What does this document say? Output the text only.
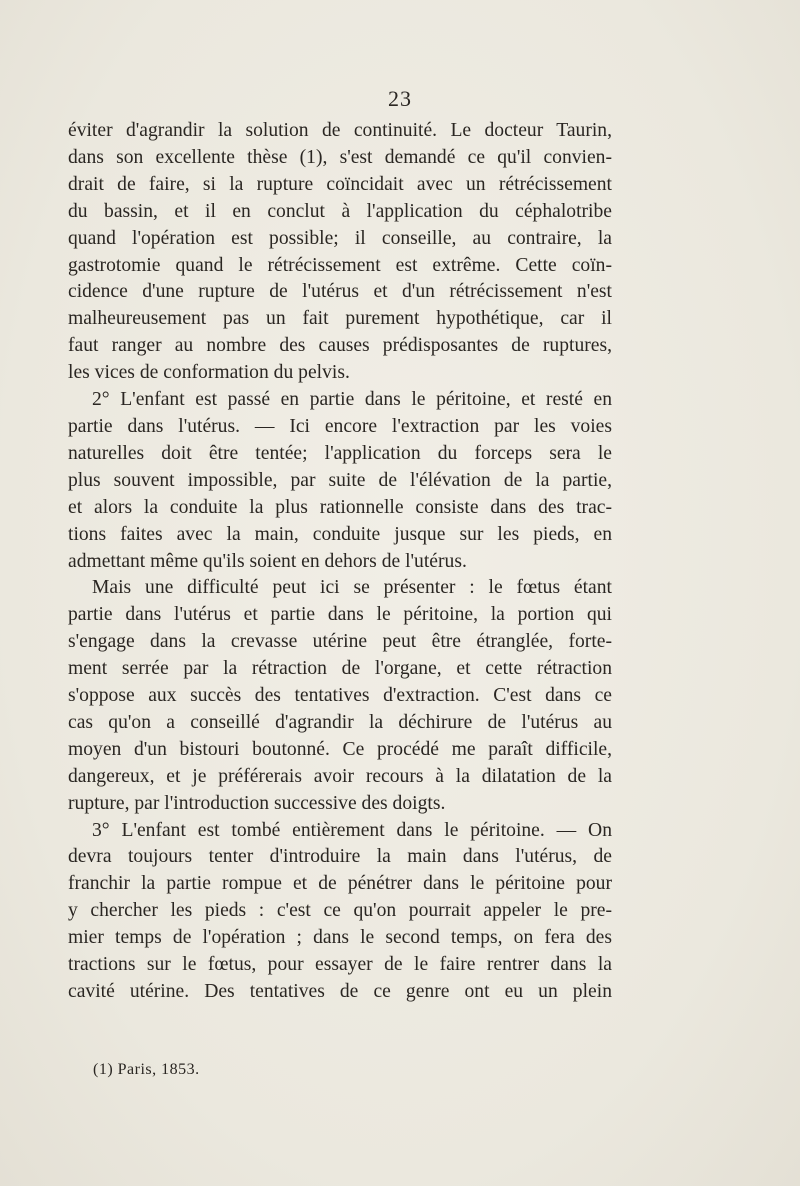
23
éviter d'agrandir la solution de continuité. Le docteur Taurin,
dans son excellente thèse (1), s'est demandé ce qu'il convien-
drait de faire, si la rupture coïncidait avec un rétrécissement
du bassin, et il en conclut à l'application du céphalotribe
quand l'opération est possible; il conseille, au contraire, la
gastrotomie quand le rétrécissement est extrême. Cette coïn-
cidence d'une rupture de l'utérus et d'un rétrécissement n'est
malheureusement pas un fait purement hypothétique, car il
faut ranger au nombre des causes prédisposantes de ruptures,
les vices de conformation du pelvis.
2° L'enfant est passé en partie dans le péritoine, et resté en
partie dans l'utérus. — Ici encore l'extraction par les voies
naturelles doit être tentée; l'application du forceps sera le
plus souvent impossible, par suite de l'élévation de la partie,
et alors la conduite la plus rationnelle consiste dans des trac-
tions faites avec la main, conduite jusque sur les pieds, en
admettant même qu'ils soient en dehors de l'utérus.
Mais une difficulté peut ici se présenter : le fœtus étant
partie dans l'utérus et partie dans le péritoine, la portion qui
s'engage dans la crevasse utérine peut être étranglée, forte-
ment serrée par la rétraction de l'organe, et cette rétraction
s'oppose aux succès des tentatives d'extraction. C'est dans ce
cas qu'on a conseillé d'agrandir la déchirure de l'utérus au
moyen d'un bistouri boutonné. Ce procédé me paraît difficile,
dangereux, et je préférerais avoir recours à la dilatation de la
rupture, par l'introduction successive des doigts.
3° L'enfant est tombé entièrement dans le péritoine. — On
devra toujours tenter d'introduire la main dans l'utérus, de
franchir la partie rompue et de pénétrer dans le péritoine pour
y chercher les pieds : c'est ce qu'on pourrait appeler le pre-
mier temps de l'opération ; dans le second temps, on fera des
tractions sur le fœtus, pour essayer de le faire rentrer dans la
cavité utérine. Des tentatives de ce genre ont eu un plein
(1) Paris, 1853.
